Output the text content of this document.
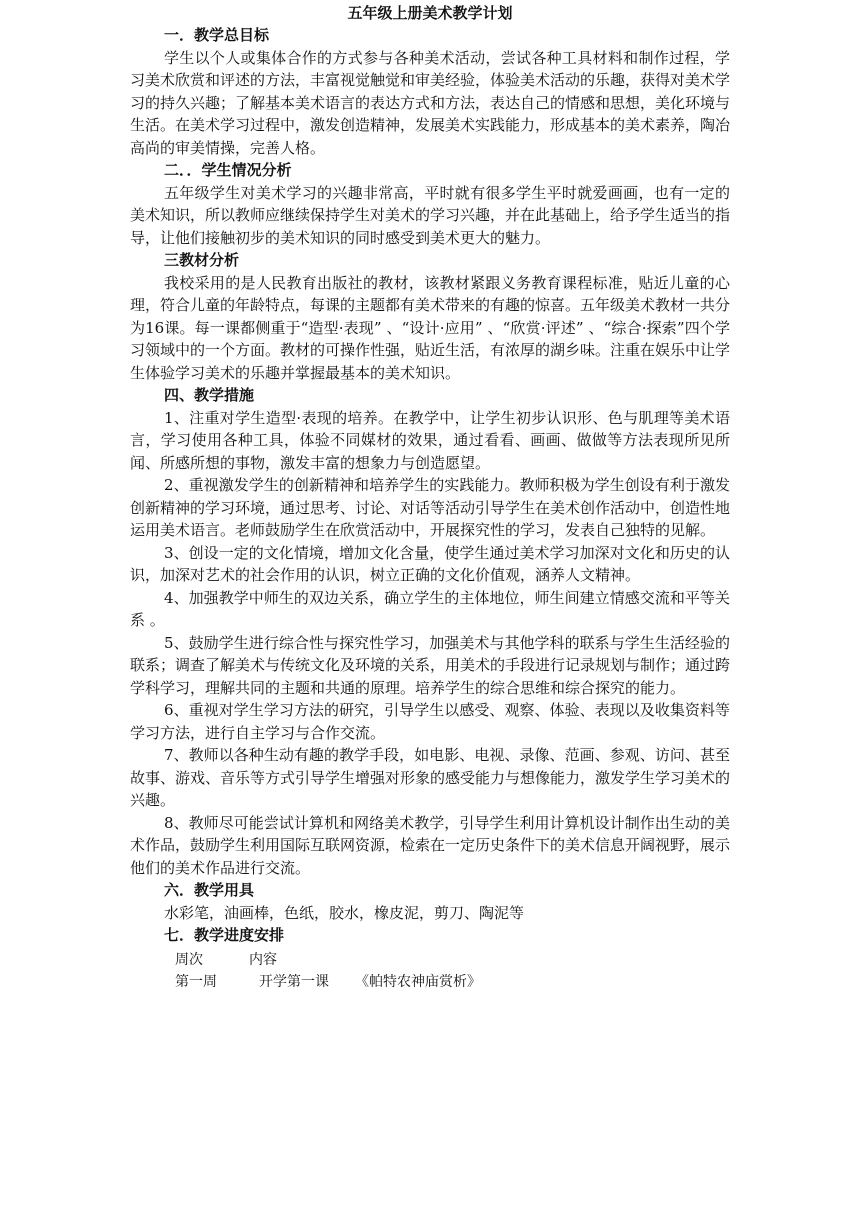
五年级上册美术教学计划

一．教学总目标

学生以个人或集体合作的方式参与各种美术活动，尝试各种工具材料和制作过程，学习美术欣赏和评述的方法，丰富视觉触觉和审美经验，体验美术活动的乐趣，获得对美术学习的持久兴趣；了解基本美术语言的表达方式和方法，表达自己的情感和思想，美化环境与生活。在美术学习过程中，激发创造精神，发展美术实践能力，形成基本的美术素养，陶冶高尚的审美情操，完善人格。

二．．学生情况分析

五年级学生对美术学习的兴趣非常高，平时就有很多学生平时就爱画画，也有一定的美术知识，所以教师应继续保持学生对美术的学习兴趣，并在此基础上，给予学生适当的指导，让他们接触初步的美术知识的同时感受到美术更大的魅力。

三教材分析

我校采用的是人民教育出版社的教材，该教材紧跟义务教育课程标准，贴近儿童的心理，符合儿童的年龄特点，每课的主题都有美术带来的有趣的惊喜。五年级美术教材一共分为16课。每一课都侧重于“造型·表现” 、“设计·应用” 、“欣赏·评述” 、“综合·探索”四个学习领域中的一个方面。教材的可操作性强，贴近生活，有浓厚的湖乡味。注重在娱乐中让学生体验学习美术的乐趣并掌握最基本的美术知识。

四、教学措施

1、注重对学生造型·表现的培养。在教学中，让学生初步认识形、色与肌理等美术语言，学习使用各种工具，体验不同媒材的效果，通过看看、画画、做做等方法表现所见所闻、所感所想的事物，激发丰富的想象力与创造愿望。

2、重视激发学生的创新精神和培养学生的实践能力。教师积极为学生创设有利于激发创新精神的学习环境，通过思考、讨论、对话等活动引导学生在美术创作活动中，创造性地运用美术语言。老师鼓励学生在欣赏活动中，开展探究性的学习，发表自己独特的见解。

3、创设一定的文化情境，增加文化含量，使学生通过美术学习加深对文化和历史的认识，加深对艺术的社会作用的认识，树立正确的文化价值观，涵养人文精神。

4、加强教学中师生的双边关系，确立学生的主体地位，师生间建立情感交流和平等关系 。

5、鼓励学生进行综合性与探究性学习，加强美术与其他学科的联系与学生生活经验的联系；调查了解美术与传统文化及环境的关系，用美术的手段进行记录规划与制作；通过跨学科学习，理解共同的主题和共通的原理。培养学生的综合思维和综合探究的能力。

6、重视对学生学习方法的研究，引导学生以感受、观察、体验、表现以及收集资料等学习方法，进行自主学习与合作交流。

7、教师以各种生动有趣的教学手段，如电影、电视、录像、范画、参观、访问、甚至故事、游戏、音乐等方式引导学生增强对形象的感受能力与想像能力，激发学生学习美术的兴趣。

8、教师尽可能尝试计算机和网络美术教学，引导学生利用计算机设计制作出生动的美术作品，鼓励学生利用国际互联网资源，检索在一定历史条件下的美术信息开阔视野，展示他们的美术作品进行交流。

六．教学用具

水彩笔，油画棒，色纸，胶水，橡皮泥，剪刀、陶泥等

七．教学进度安排

周次	内容
第一周	开学第一课	《帕特农神庙赏析》
